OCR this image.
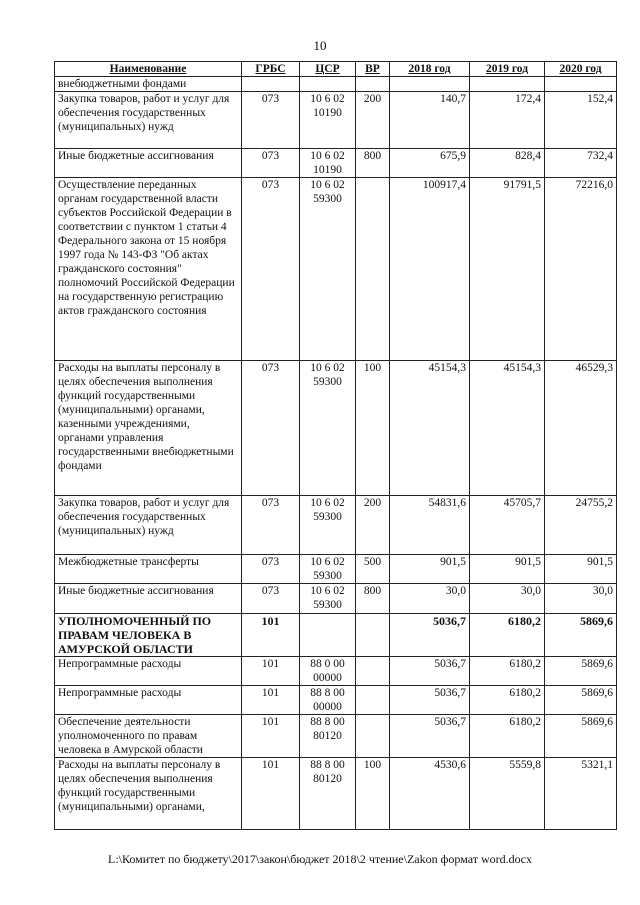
10
Наименование	ГРБС	ЦСР	ВР	2018 год	2019 год	2020 год
внебюджетными фондами						
Закупка товаров, работ и услуг для обеспечения государственных (муниципальных) нужд	073	10 6 02 10190	200	140,7	172,4	152,4
Иные бюджетные ассигнования	073	10 6 02 10190	800	675,9	828,4	732,4
Осуществление переданных органам государственной власти субъектов Российской Федерации в соответствии с пунктом 1 статьи 4 Федерального закона от 15 ноября 1997 года № 143-ФЗ "Об актах гражданского состояния" полномочий Российской Федерации на государственную регистрацию актов гражданского состояния	073	10 6 02 59300		100917,4	91791,5	72216,0
Расходы на выплаты персоналу в целях обеспечения выполнения функций государственными (муниципальными) органами, казенными учреждениями, органами управления государственными внебюджетными фондами	073	10 6 02 59300	100	45154,3	45154,3	46529,3
Закупка товаров, работ и услуг для обеспечения государственных (муниципальных) нужд	073	10 6 02 59300	200	54831,6	45705,7	24755,2
Межбюджетные трансферты	073	10 6 02 59300	500	901,5	901,5	901,5
Иные бюджетные ассигнования	073	10 6 02 59300	800	30,0	30,0	30,0
УПОЛНОМОЧЕННЫЙ ПО ПРАВАМ ЧЕЛОВЕКА В АМУРСКОЙ ОБЛАСТИ	101			5036,7	6180,2	5869,6
Непрограммные расходы	101	88 0 00 00000		5036,7	6180,2	5869,6
Непрограммные расходы	101	88 8 00 00000		5036,7	6180,2	5869,6
Обеспечение деятельности уполномоченного по правам человека в Амурской области	101	88 8 00 80120		5036,7	6180,2	5869,6
Расходы на выплаты персоналу в целях обеспечения выполнения функций государственными (муниципальными) органами,	101	88 8 00 80120	100	4530,6	5559,8	5321,1
L:\Комитет по бюджету\2017\закон\бюджет 2018\2 чтение\Zakon формат word.docx
